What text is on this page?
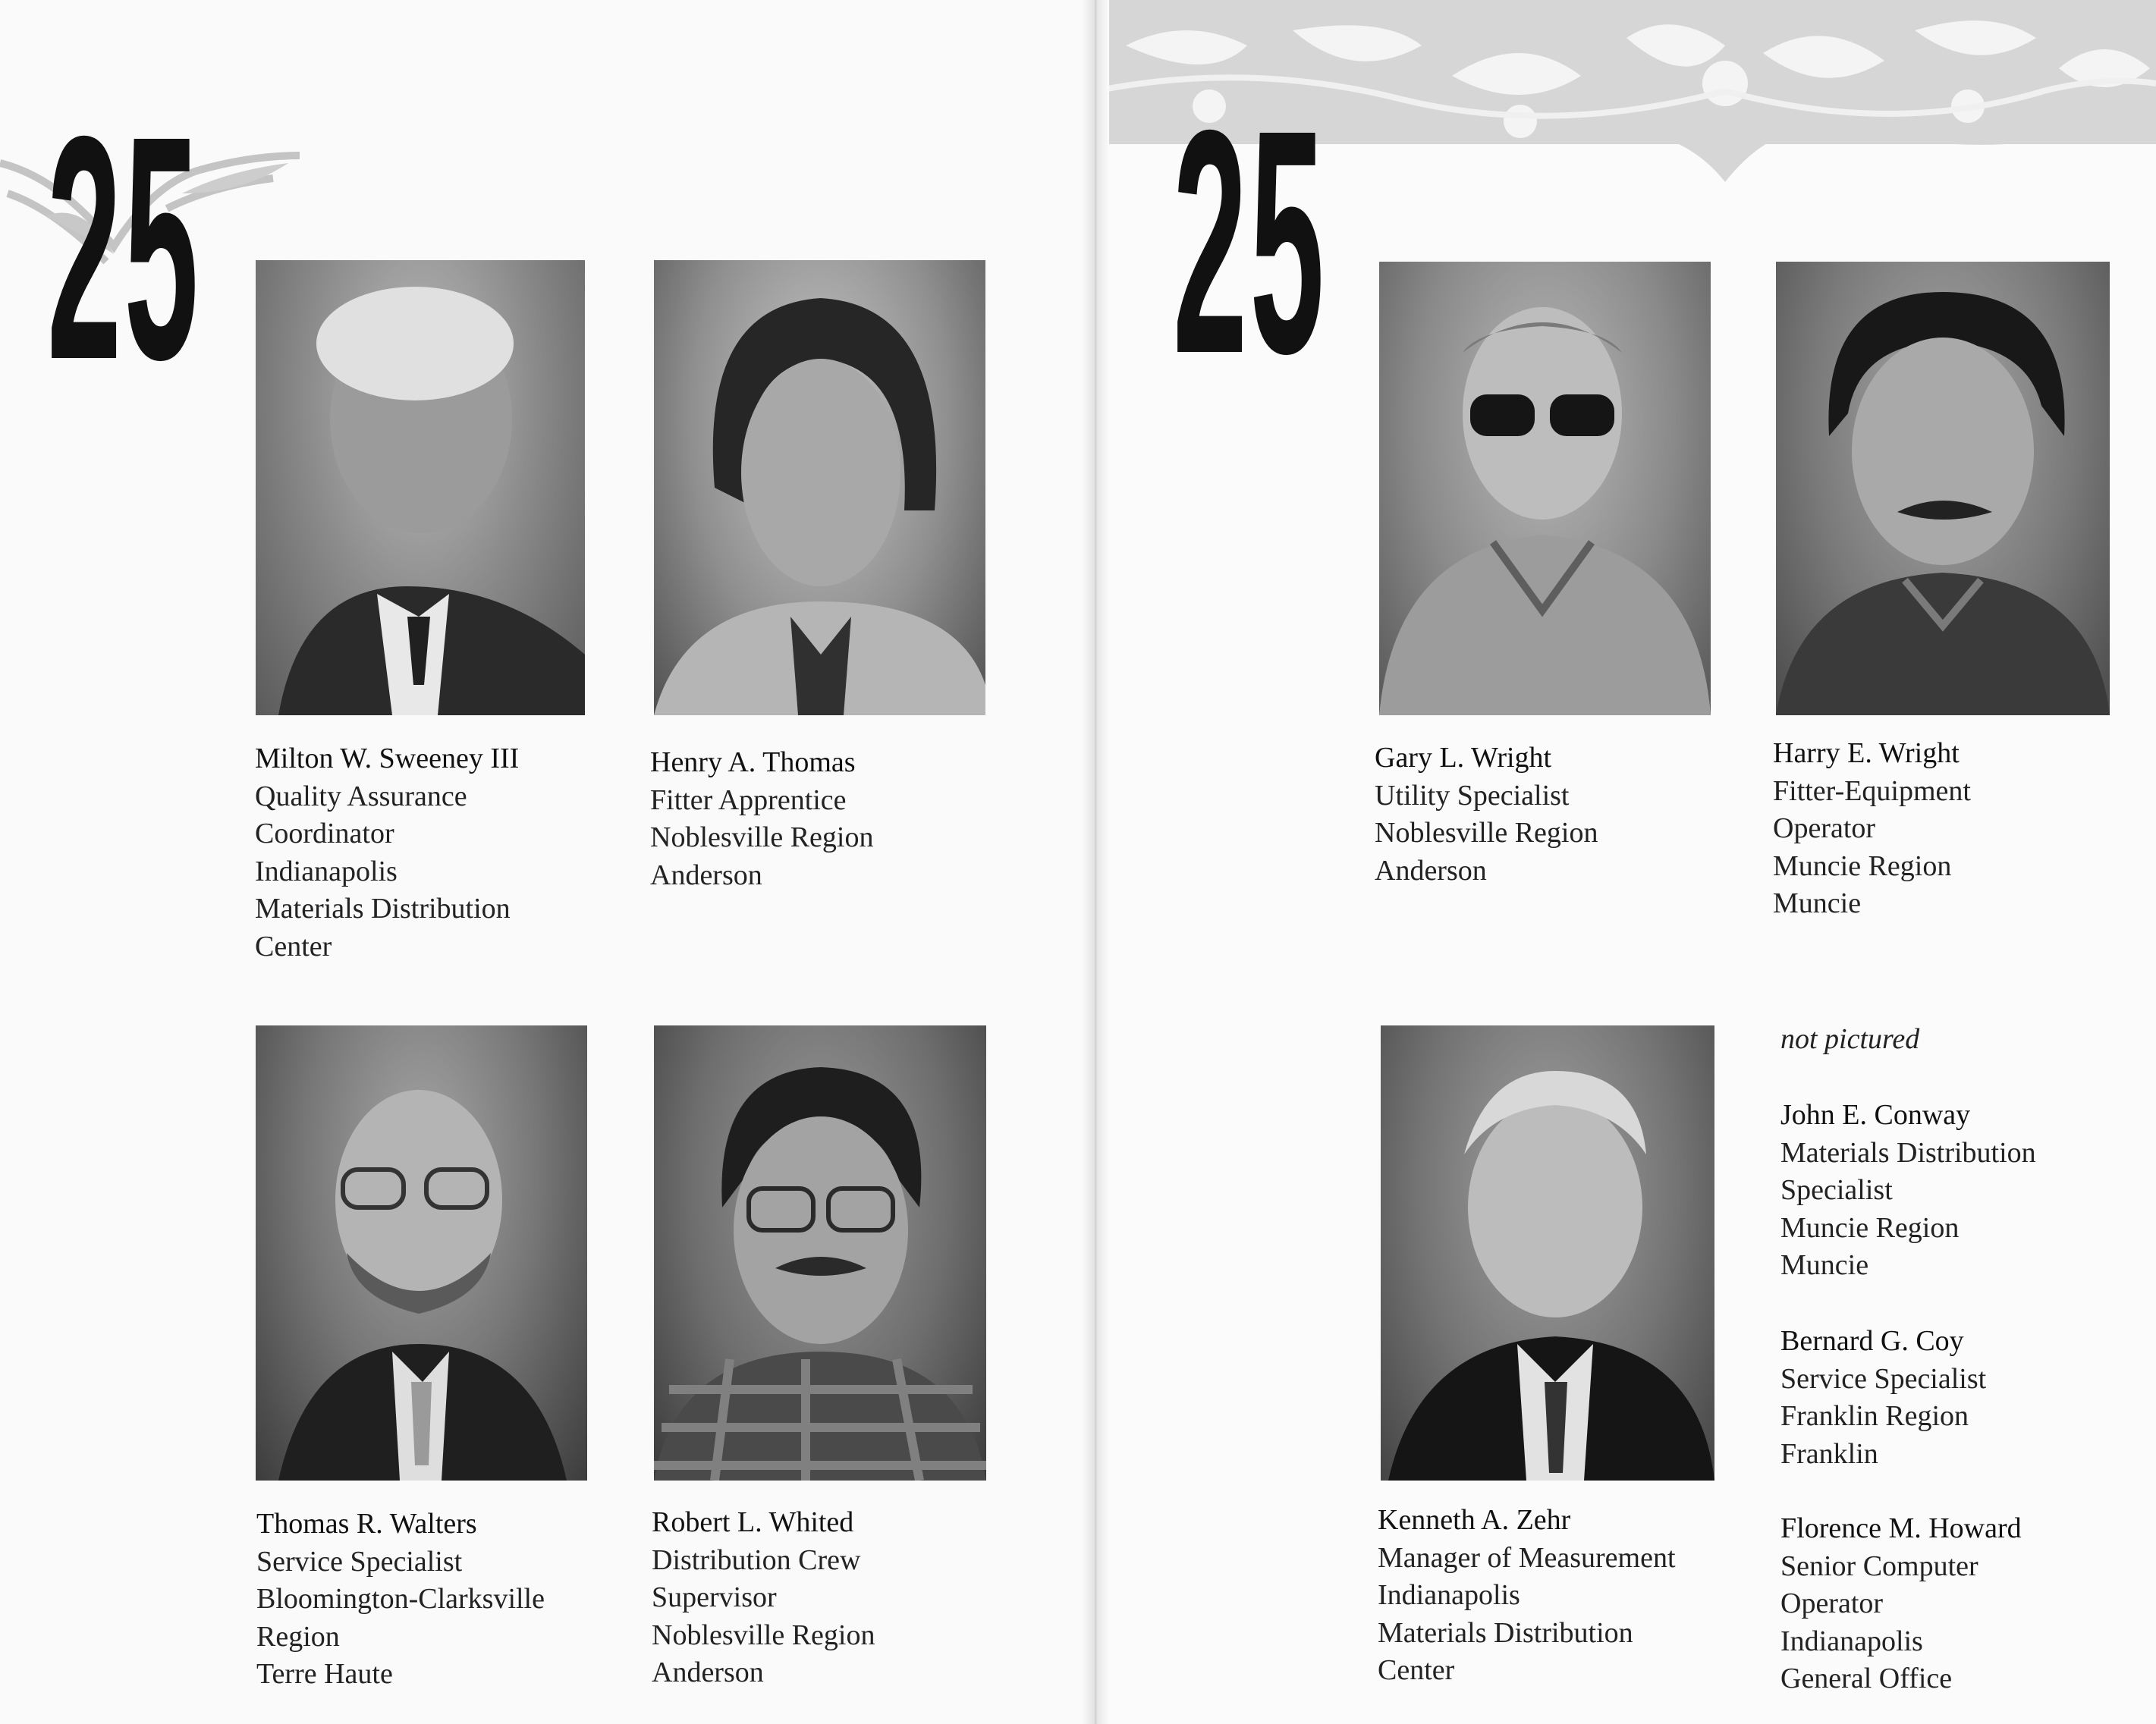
25
Milton W. Sweeney III
Quality Assurance
Coordinator
Indianapolis
Materials Distribution
Center
Henry A. Thomas
Fitter Apprentice
Noblesville Region
Anderson
Thomas R. Walters
Service Specialist
Bloomington-Clarksville
Region
Terre Haute
Robert L. Whited
Distribution Crew
Supervisor
Noblesville Region
Anderson
25
Gary L. Wright
Utility Specialist
Noblesville Region
Anderson
Harry E. Wright
Fitter-Equipment
Operator
Muncie Region
Muncie
Kenneth A. Zehr
Manager of Measurement
Indianapolis
Materials Distribution
Center
not pictured
John E. Conway
Materials Distribution
Specialist
Muncie Region
Muncie
Bernard G. Coy
Service Specialist
Franklin Region
Franklin
Florence M. Howard
Senior Computer
Operator
Indianapolis
General Office
